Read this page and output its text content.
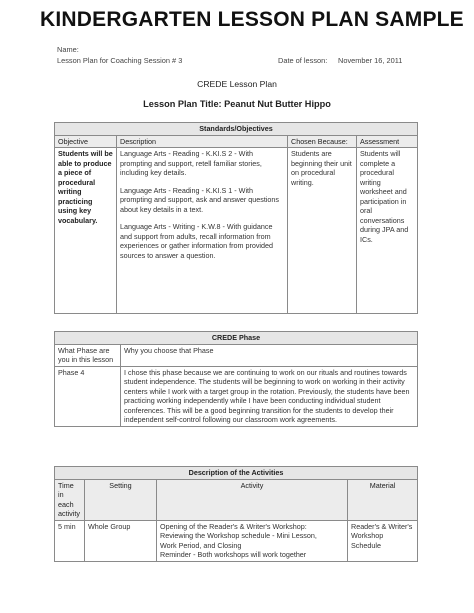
KINDERGARTEN LESSON PLAN SAMPLE
Name:
Lesson Plan for Coaching Session # 3	Date of lesson: November 16, 2011
CREDE Lesson Plan
Lesson Plan Title: Peanut Nut Butter Hippo
Standards/Objectives			
Objective	Description	Chosen Because:	Assessment
Students will be able to produce a piece of procedural writing practicing using key vocabulary.	Language Arts - Reading - K.KI.S 2 - With prompting and support, retell familiar stories, including key details.
Language Arts - Reading - K.KI.S 1 - With prompting and support, ask and answer questions about key details in a text.
Language Arts - Writing - K.W.8 - With guidance and support from adults, recall information from experiences or gather information from provided sources to answer a question.	Students are beginning their unit on procedural writing.	Students will complete a procedural writing worksheet and participation in oral conversations during JPA and ICs.
CREDE Phase	
What Phase are you in this lesson	Why you choose that Phase
Phase 4	I chose this phase because we are continuing to work on our rituals and routines towards student independence. The students will be beginning to work on working in their activity centers while I work with a target group in the rotation. Previously, the students have been practicing working independently while I have been conducting individual student conferences. This will be a good beginning transition for the students to develop their independent self-control following our classroom work agreements.
Description of the Activities			
Time in each activity	Setting	Activity	Material
5 min	Whole Group	Opening of the Reader's & Writer's Workshop:
Reviewing the Workshop schedule - Mini Lesson,
Work Period, and Closing
Reminder - Both workshops will work together	Reader's & Writer's Workshop Schedule
